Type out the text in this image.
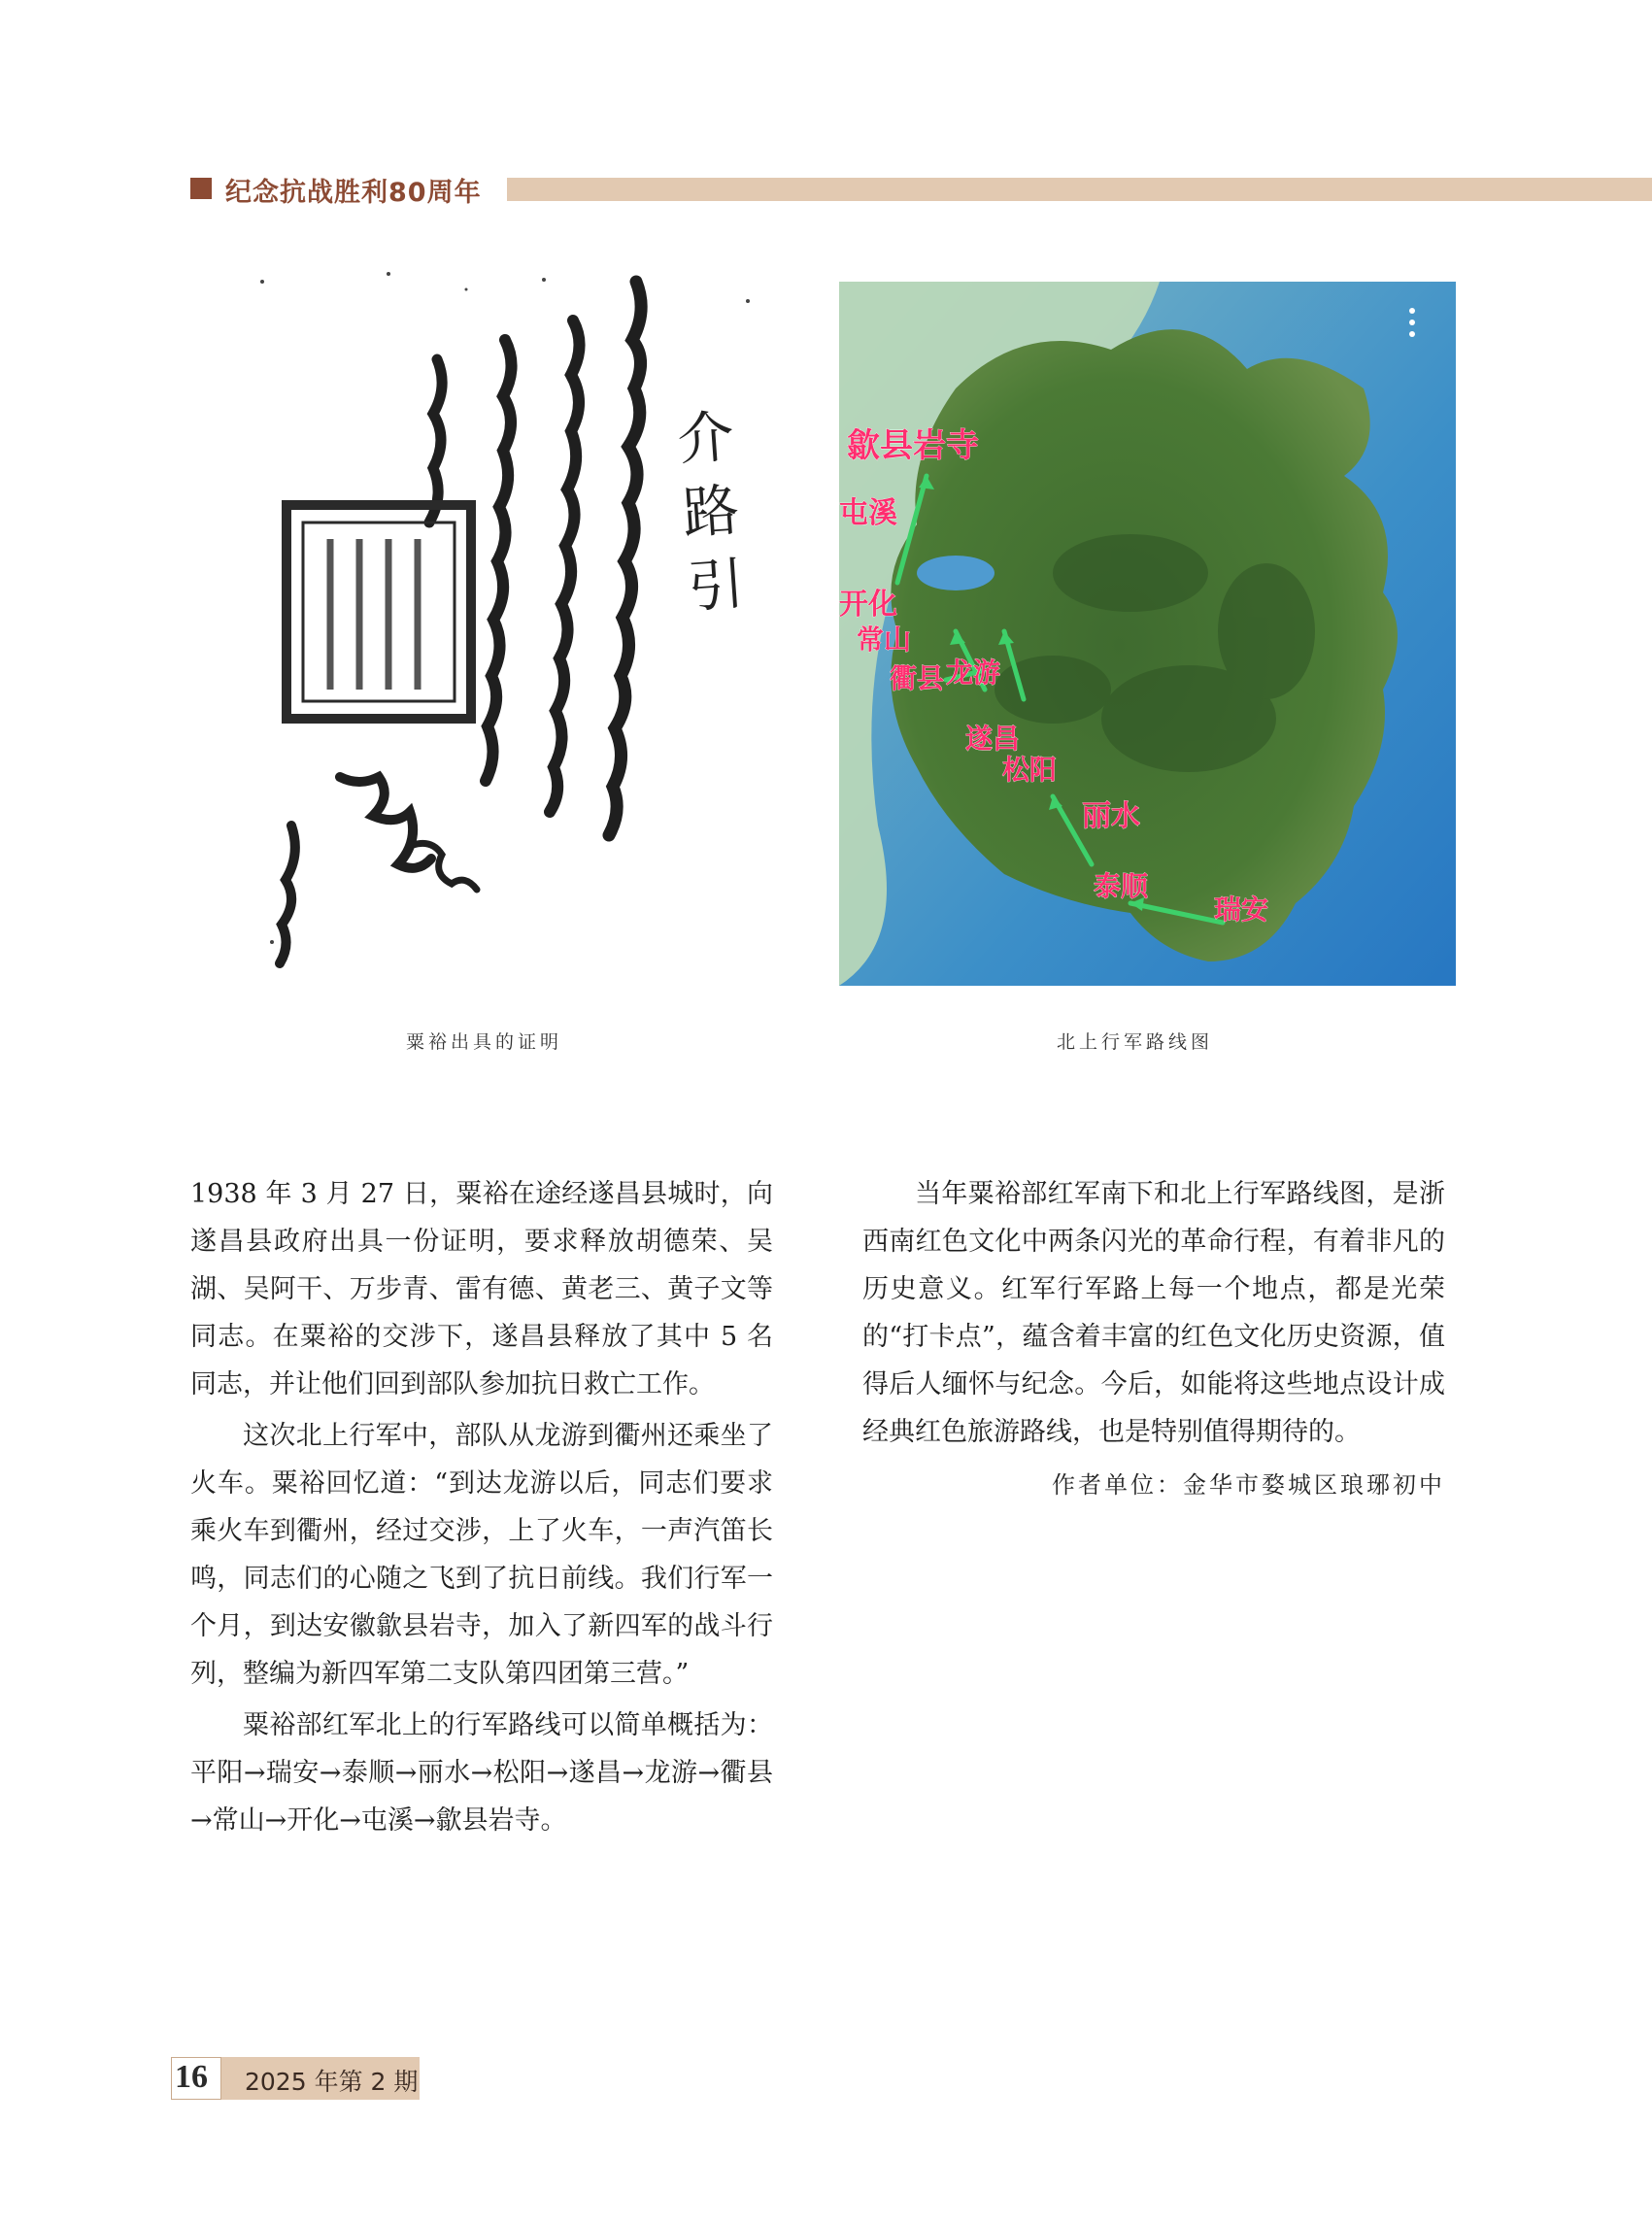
纪念抗战胜利80周年
介路引	歙县岩寺
屯溪
开化
常山
衢县 龙游
遂昌
松阳
丽水
泰顺
瑞安
粟裕出具的证明	北上行军路线图

1938 年 3 月 27 日，粟裕在途经遂昌县城时，向遂昌县政府出具一份证明，要求释放胡德荣、吴湖、吴阿干、万步青、雷有德、黄老三、黄子文等同志。在粟裕的交涉下，遂昌县释放了其中 5 名同志，并让他们回到部队参加抗日救亡工作。

这次北上行军中，部队从龙游到衢州还乘坐了火车。粟裕回忆道：“到达龙游以后，同志们要求乘火车到衢州，经过交涉，上了火车，一声汽笛长鸣，同志们的心随之飞到了抗日前线。我们行军一个月，到达安徽歙县岩寺，加入了新四军的战斗行列，整编为新四军第二支队第四团第三营。”

粟裕部红军北上的行军路线可以简单概括为：平阳→瑞安→泰顺→丽水→松阳→遂昌→龙游→衢县→常山→开化→屯溪→歙县岩寺。

当年粟裕部红军南下和北上行军路线图，是浙西南红色文化中两条闪光的革命行程，有着非凡的历史意义。红军行军路上每一个地点，都是光荣的“打卡点”，蕴含着丰富的红色文化历史资源，值得后人缅怀与纪念。今后，如能将这些地点设计成经典红色旅游路线，也是特别值得期待的。

作者单位：金华市婺城区琅琊初中
16 2025 年第 2 期
